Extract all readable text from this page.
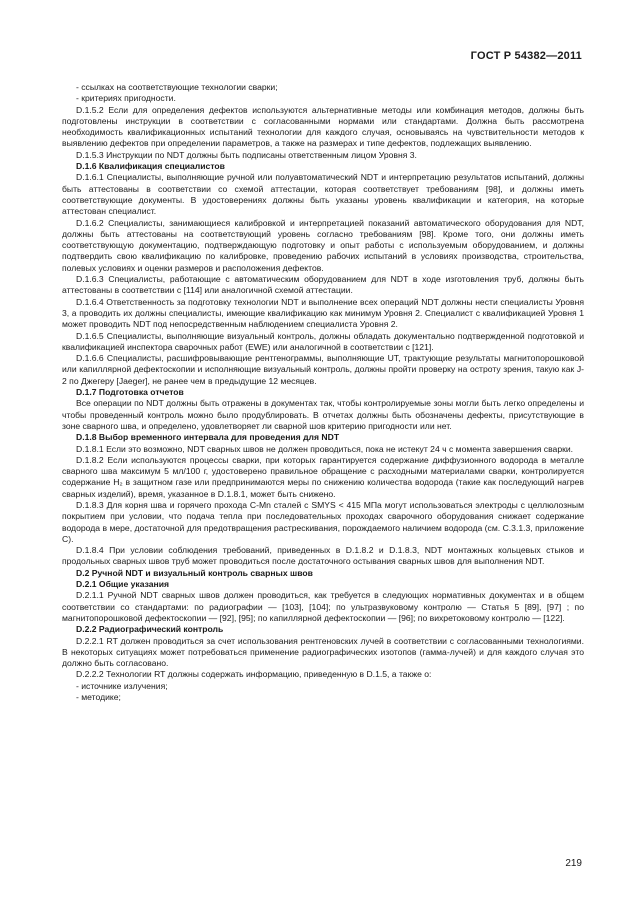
ГОСТ Р 54382—2011

- ссылках на соответствующие технологии сварки;

- критериях пригодности.

D.1.5.2 Если для определения дефектов используются альтернативные методы или комбинация методов, должны быть подготовлены инструкции в соответствии с согласованными нормами или стандартами. Должна быть рассмотрена необходимость квалификационных испытаний технологии для каждого случая, основываясь на чувствительности методов к выявлению дефектов при определении параметров, а также на размерах и типе дефектов, подлежащих выявлению.

D.1.5.3 Инструкции по NDT должны быть подписаны ответственным лицом Уровня 3.

D.1.6 Квалификация специалистов

D.1.6.1 Специалисты, выполняющие ручной или полуавтоматический NDT и интерпретацию результатов испытаний, должны быть аттестованы в соответствии со схемой аттестации, которая соответствует требованиям [98], и должны иметь соответствующие документы. В удостоверениях должны быть указаны уровень квалификации и категория, на которые аттестован специалист.

D.1.6.2 Специалисты, занимающиеся калибровкой и интерпретацией показаний автоматического оборудования для NDT, должны быть аттестованы на соответствующий уровень согласно требованиям [98]. Кроме того, они должны иметь соответствующую документацию, подтверждающую подготовку и опыт работы с используемым оборудованием, и должны подтвердить свою квалификацию по калибровке, проведению рабочих испытаний в условиях производства, строительства, полевых условиях и оценки размеров и расположения дефектов.

D.1.6.3 Специалисты, работающие с автоматическим оборудованием для NDT в ходе изготовления труб, должны быть аттестованы в соответствии с [114] или аналогичной схемой аттестации.

D.1.6.4 Ответственность за подготовку технологии NDT и выполнение всех операций NDT должны нести специалисты Уровня 3, а проводить их должны специалисты, имеющие квалификацию как минимум Уровня 2. Специалист с квалификацией Уровня 1 может проводить NDT под непосредственным наблюдением специалиста Уровня 2.

D.1.6.5 Специалисты, выполняющие визуальный контроль, должны обладать документально подтвержденной подготовкой и квалификацией инспектора сварочных работ (EWE) или аналогичной в соответствии с [121].

D.1.6.6 Специалисты, расшифровывающие рентгенограммы, выполняющие UT, трактующие результаты магнитопорошковой или капиллярной дефектоскопии и исполняющие визуальный контроль, должны пройти проверку на остроту зрения, такую как J-2 по Джегеру [Jaeger], не ранее чем в предыдущие 12 месяцев.

D.1.7 Подготовка отчетов

Все операции по NDT должны быть отражены в документах так, чтобы контролируемые зоны могли быть легко определены и чтобы проведенный контроль можно было продублировать. В отчетах должны быть обозначены дефекты, присутствующие в зоне сварного шва, и определено, удовлетворяет ли сварной шов критерию пригодности или нет.

D.1.8 Выбор временного интервала для проведения для NDT

D.1.8.1 Если это возможно, NDT сварных швов не должен проводиться, пока не истекут 24 ч с момента завершения сварки.

D.1.8.2 Если используются процессы сварки, при которых гарантируется содержание диффузионного водорода в металле сварного шва максимум 5 мл/100 г, удостоверено правильное обращение с расходными материалами сварки, контролируется содержание H₂ в защитном газе или предпринимаются меры по снижению количества водорода (такие как последующий нагрев сварных изделий), время, указанное в D.1.8.1, может быть снижено.

D.1.8.3 Для корня шва и горячего прохода C-Mn сталей с SMYS < 415 МПа могут использоваться электроды с целлюлозным покрытием при условии, что подача тепла при последовательных проходах сварочного оборудования снижает содержание водорода в мере, достаточной для предотвращения растрескивания, порождаемого наличием водорода (см. С.3.1.3, приложение С).

D.1.8.4 При условии соблюдения требований, приведенных в D.1.8.2 и D.1.8.3, NDT монтажных кольцевых стыков и продольных сварных швов труб может проводиться после достаточного остывания сварных швов для выполнения NDT.

D.2 Ручной NDT и визуальный контроль сварных швов

D.2.1 Общие указания

D.2.1.1 Ручной NDT сварных швов должен проводиться, как требуется в следующих нормативных документах и в общем соответствии со стандартами: по радиографии — [103], [104]; по ультразвуковому контролю — Статья 5 [89], [97] ; по магнитопорошковой дефектоскопии — [92], [95]; по капиллярной дефектоскопии — [96]; по вихретоковому контролю — [122].

D.2.2 Радиографический контроль

D.2.2.1 RT должен проводиться за счет использования рентгеновских лучей в соответствии с согласованными технологиями. В некоторых ситуациях может потребоваться применение радиографических изотопов (гамма-лучей) и для каждого случая это должно быть согласовано.

D.2.2.2 Технологии RT должны содержать информацию, приведенную в D.1.5, а также о:

- источнике излучения;

- методике;

219
